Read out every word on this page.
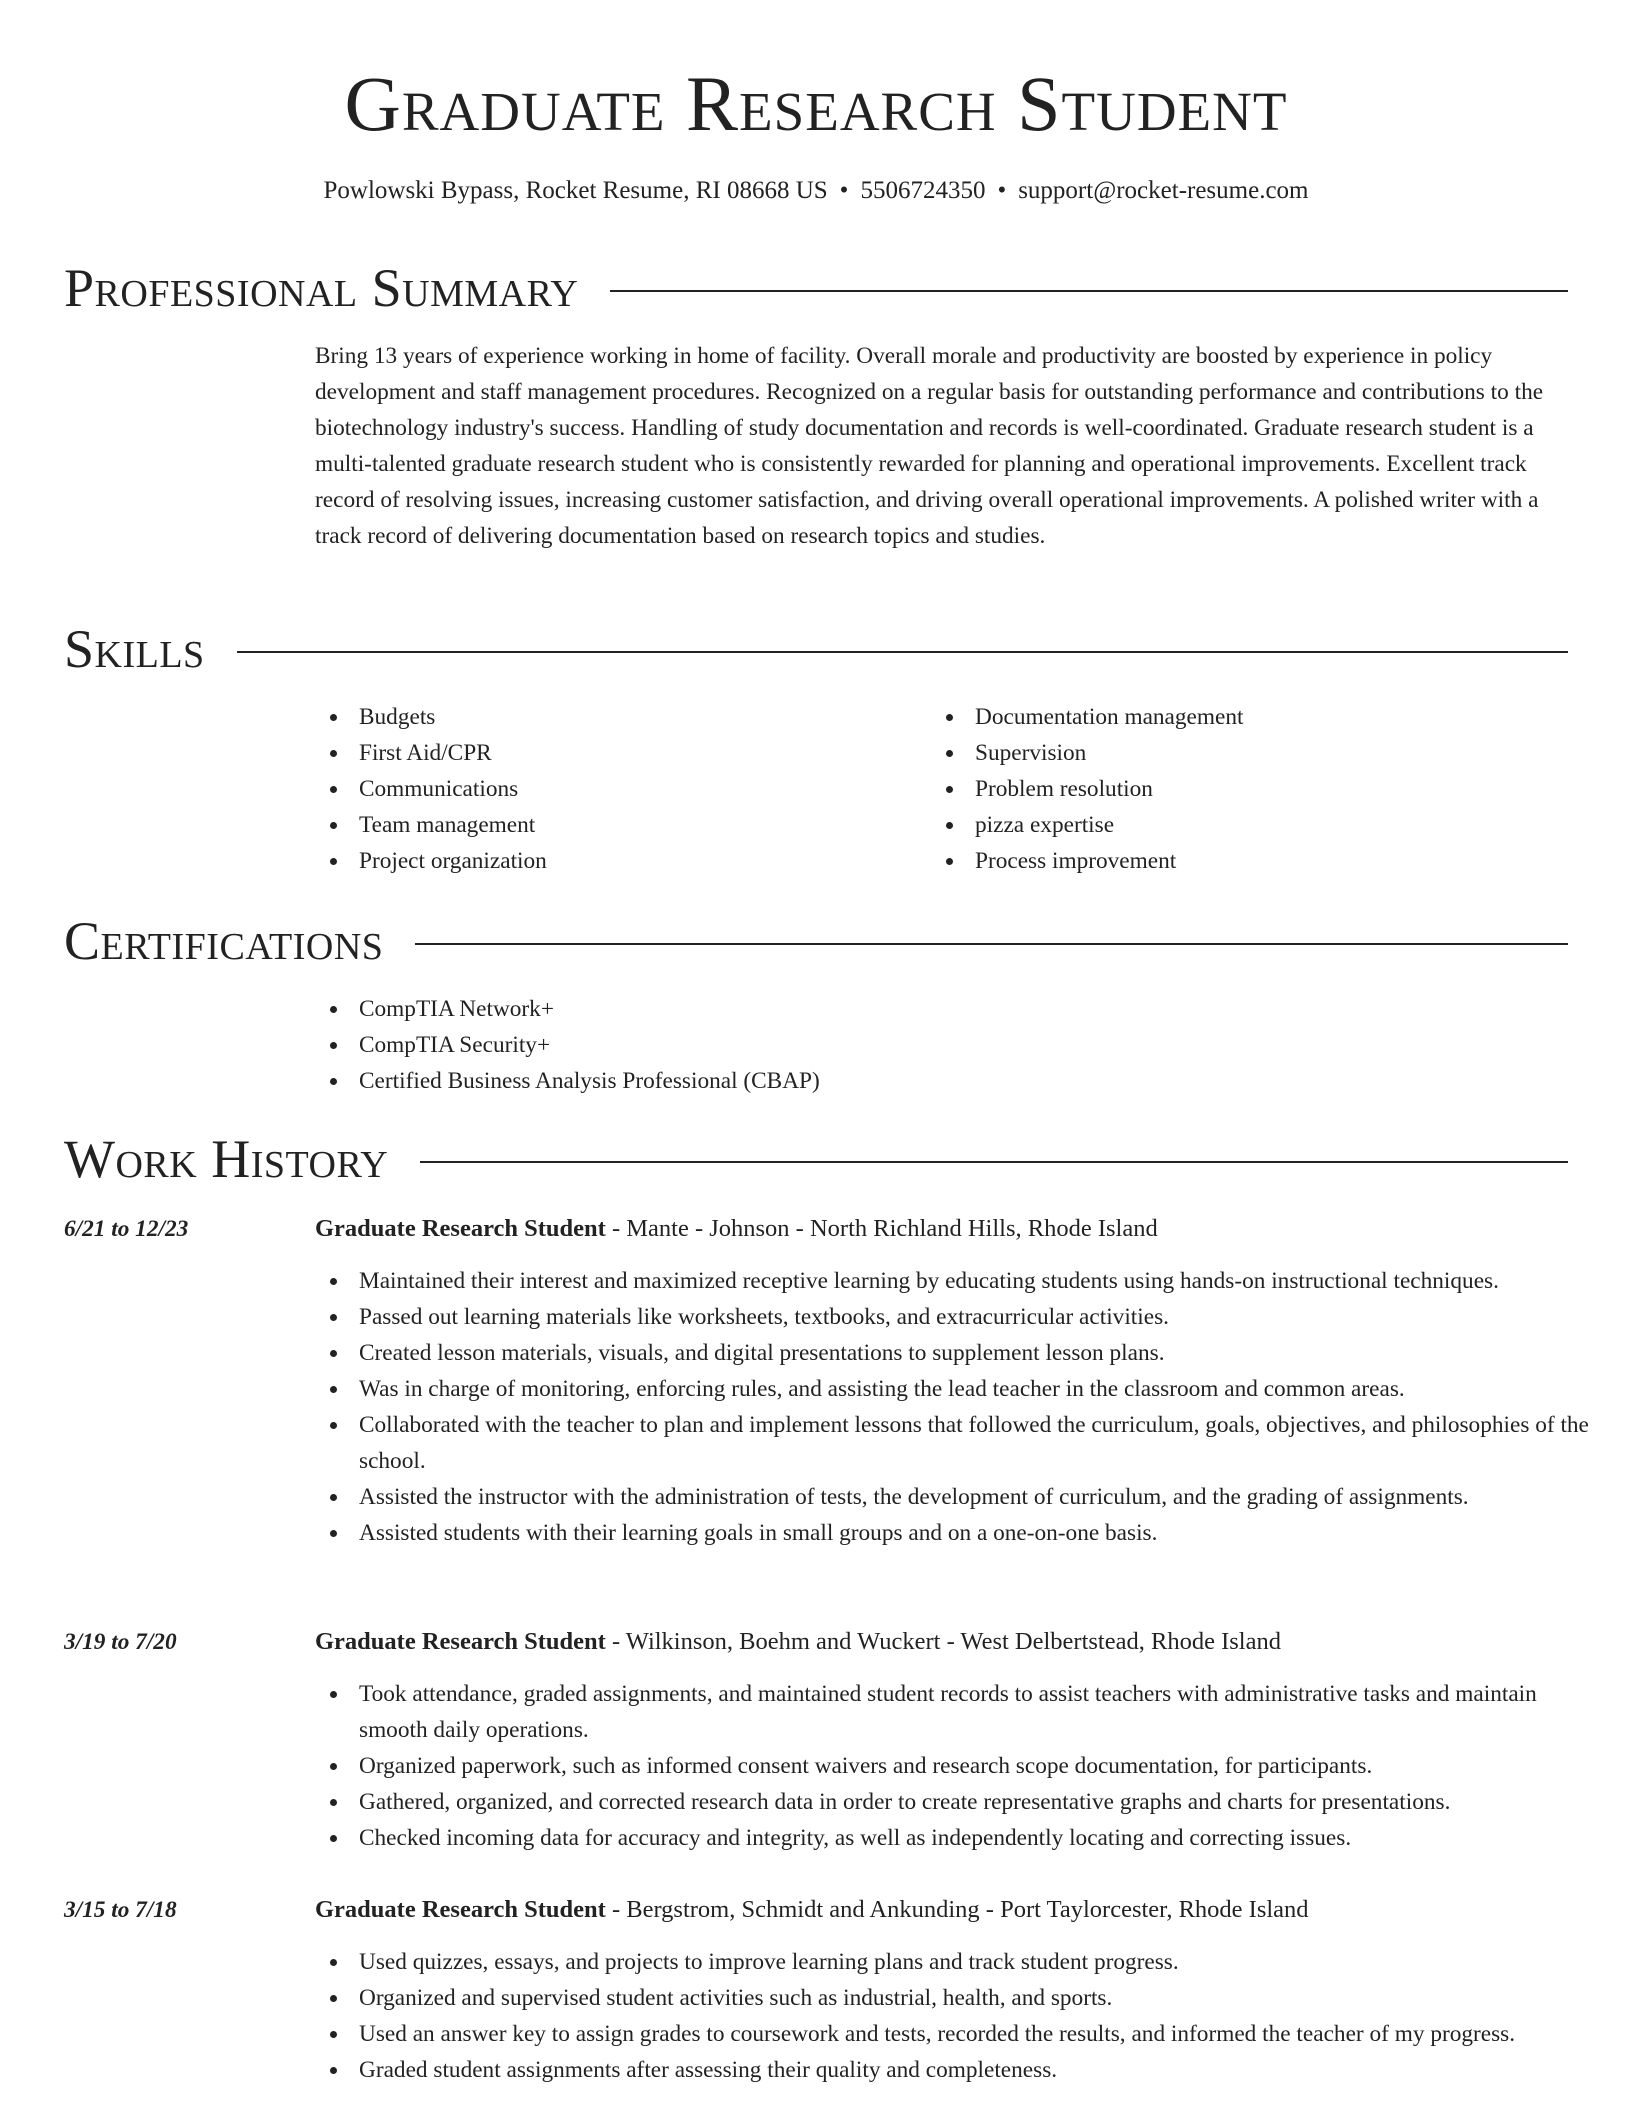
Graduate Research Student
Powlowski Bypass, Rocket Resume, RI 08668 US • 5506724350 • support@rocket-resume.com
Professional Summary
Bring 13 years of experience working in home of facility. Overall morale and productivity are boosted by experience in policy development and staff management procedures. Recognized on a regular basis for outstanding performance and contributions to the biotechnology industry's success. Handling of study documentation and records is well-coordinated. Graduate research student is a multi-talented graduate research student who is consistently rewarded for planning and operational improvements. Excellent track record of resolving issues, increasing customer satisfaction, and driving overall operational improvements. A polished writer with a track record of delivering documentation based on research topics and studies.
Skills
Budgets
First Aid/CPR
Communications
Team management
Project organization
Documentation management
Supervision
Problem resolution
pizza expertise
Process improvement
Certifications
CompTIA Network+
CompTIA Security+
Certified Business Analysis Professional (CBAP)
Work History
6/21 to 12/23	Graduate Research Student - Mante - Johnson - North Richland Hills, Rhode Island
Maintained their interest and maximized receptive learning by educating students using hands-on instructional techniques.
Passed out learning materials like worksheets, textbooks, and extracurricular activities.
Created lesson materials, visuals, and digital presentations to supplement lesson plans.
Was in charge of monitoring, enforcing rules, and assisting the lead teacher in the classroom and common areas.
Collaborated with the teacher to plan and implement lessons that followed the curriculum, goals, objectives, and philosophies of the school.
Assisted the instructor with the administration of tests, the development of curriculum, and the grading of assignments.
Assisted students with their learning goals in small groups and on a one-on-one basis.
3/19 to 7/20	Graduate Research Student - Wilkinson, Boehm and Wuckert - West Delbertstead, Rhode Island
Took attendance, graded assignments, and maintained student records to assist teachers with administrative tasks and maintain smooth daily operations.
Organized paperwork, such as informed consent waivers and research scope documentation, for participants.
Gathered, organized, and corrected research data in order to create representative graphs and charts for presentations.
Checked incoming data for accuracy and integrity, as well as independently locating and correcting issues.
3/15 to 7/18	Graduate Research Student - Bergstrom, Schmidt and Ankunding - Port Taylorcester, Rhode Island
Used quizzes, essays, and projects to improve learning plans and track student progress.
Organized and supervised student activities such as industrial, health, and sports.
Used an answer key to assign grades to coursework and tests, recorded the results, and informed the teacher of my progress.
Graded student assignments after assessing their quality and completeness.
